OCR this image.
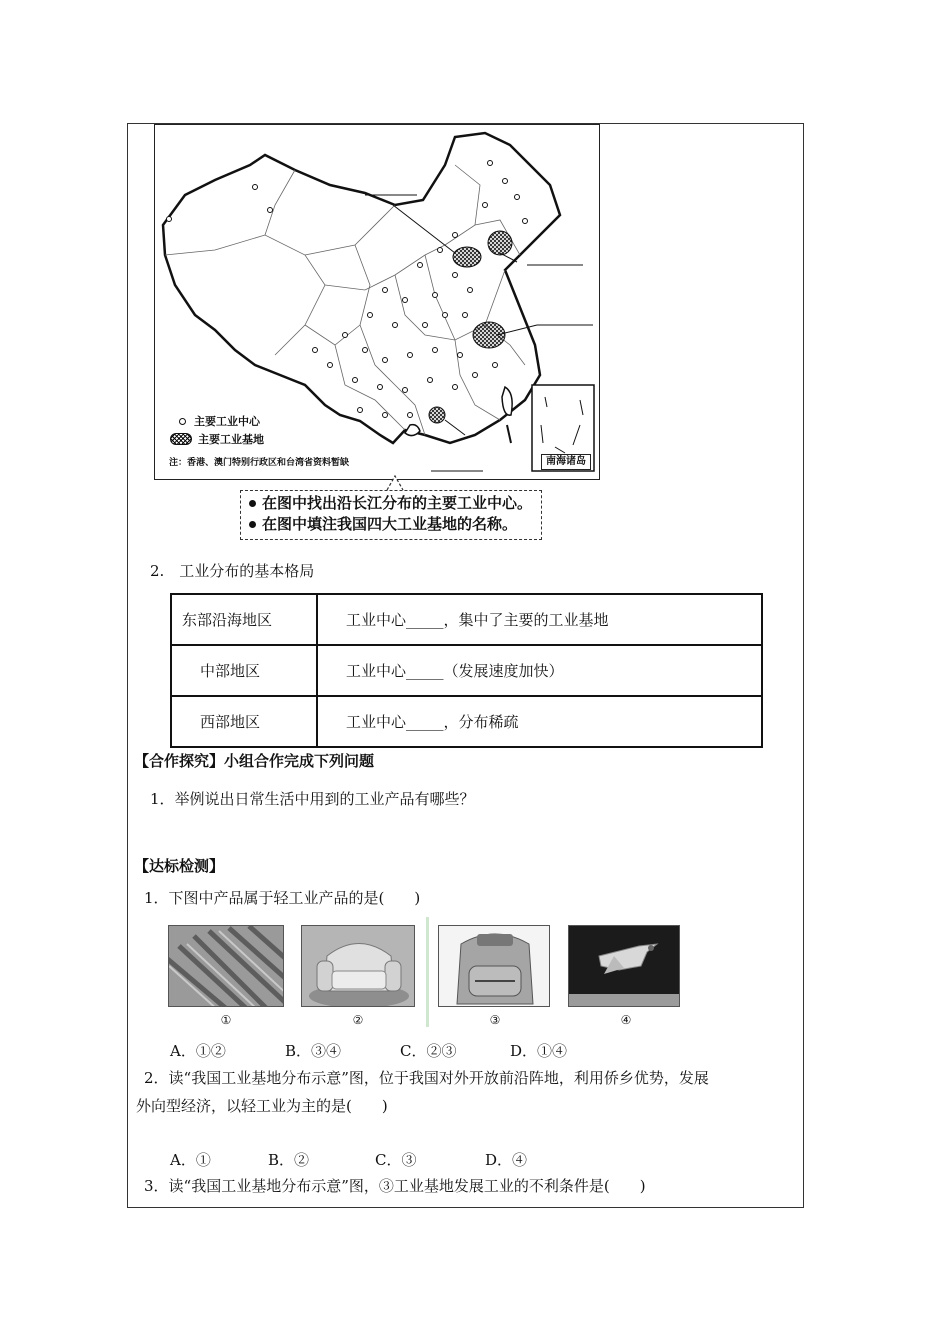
主要工业中心
主要工业基地
注：香港、澳门特别行政区和台湾省资料暂缺	南海诸岛
在图中找出沿长江分布的主要工业中心。
在图中填注我国四大工业基地的名称。
2.　工业分布的基本格局
东部沿海地区	工业中心_____，集中了主要的工业基地
中部地区	工业中心_____（发展速度加快）
西部地区	工业中心_____，分布稀疏
【合作探究】小组合作完成下列问题
1．举例说出日常生活中用到的工业产品有哪些？
【达标检测】
1．下图中产品属于轻工业产品的是(　　)
①	②	③	④
A．①②	B．③④	C．②③	D．①④
2．读“我国工业基地分布示意”图，位于我国对外开放前沿阵地，利用侨乡优势，发展
外向型经济，以轻工业为主的是(　　)
A．①	B．②	C．③	D．④
3．读“我国工业基地分布示意”图，③工业基地发展工业的不利条件是(　　)
